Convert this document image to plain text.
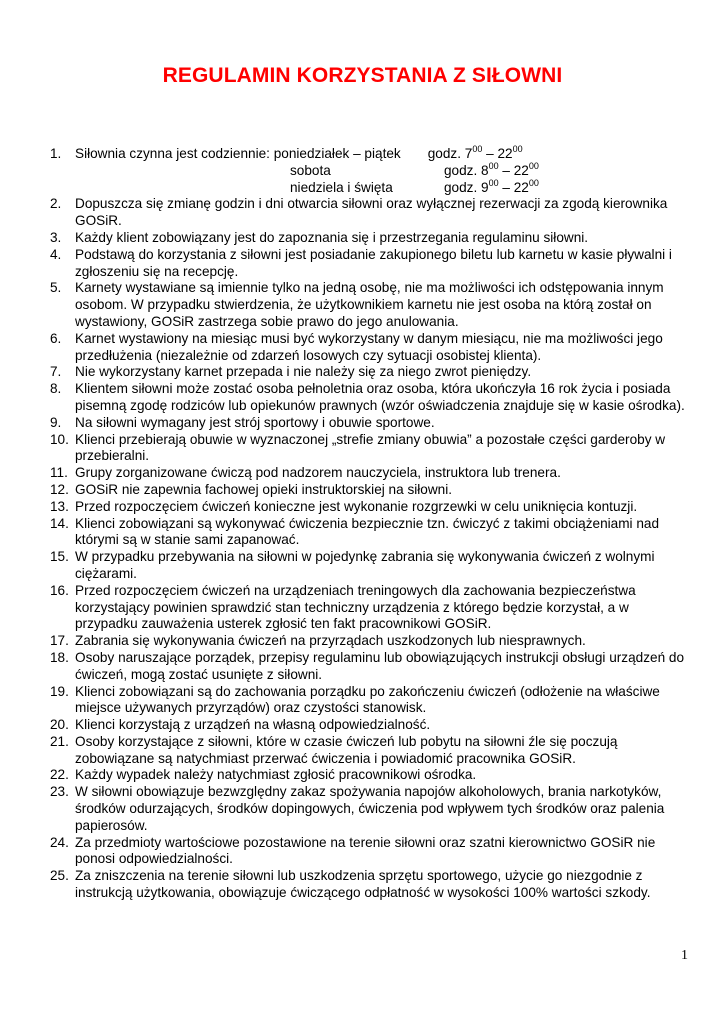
REGULAMIN KORZYSTANIA Z SIŁOWNI
1.	Siłownia czynna jest codziennie: poniedziałek – piątek	godz. $7^{00} - 22^{00}$
sobota	godz. $8^{00} - 22^{00}$
niedziela i święta	godz. $9^{00} - 22^{00}$
2.	Dopuszcza się zmianę godzin i dni otwarcia siłowni oraz wyłącznej rezerwacji za zgodą kierownika GOSiR.
3.	Każdy klient zobowiązany jest do zapoznania się i przestrzegania regulaminu siłowni.
4.	Podstawą do korzystania z siłowni jest posiadanie zakupionego biletu lub karnetu w kasie pływalni i zgłoszeniu się na recepcję.
5.	Karnety wystawiane są imiennie tylko na jedną osobę, nie ma możliwości ich odstępowania innym osobom. W przypadku stwierdzenia, że użytkownikiem karnetu nie jest osoba na którą został on wystawiony, GOSiR zastrzega sobie prawo do jego anulowania.
6.	Karnet wystawiony na miesiąc musi być wykorzystany w danym miesiącu, nie ma możliwości jego przedłużenia (niezależnie od zdarzeń losowych czy sytuacji osobistej klienta).
7.	Nie wykorzystany karnet przepada i nie należy się za niego zwrot pieniędzy.
8.	Klientem siłowni może zostać osoba pełnoletnia oraz osoba, która ukończyła 16 rok życia i posiada pisemną zgodę rodziców lub opiekunów prawnych (wzór oświadczenia znajduje się w kasie ośrodka).
9.	Na siłowni wymagany jest strój sportowy i obuwie sportowe.
10. Klienci przebierają obuwie w wyznaczonej „strefie zmiany obuwia” a pozostałe części garderoby w przebieralni.
11. Grupy zorganizowane ćwiczą pod nadzorem nauczyciela, instruktora lub trenera.
12. GOSiR nie zapewnia fachowej opieki instruktorskiej na siłowni.
13. Przed rozpoczęciem ćwiczeń konieczne jest wykonanie rozgrzewki w celu uniknięcia kontuzji.
14. Klienci zobowiązani są wykonywać ćwiczenia bezpiecznie tzn. ćwiczyć z takimi obciążeniami nad którymi są w stanie sami zapanować.
15. W przypadku przebywania na siłowni w pojedynkę zabrania się wykonywania ćwiczeń z wolnymi ciężarami.
16. Przed rozpoczęciem ćwiczeń na urządzeniach treningowych dla zachowania bezpieczeństwa korzystający powinien sprawdzić stan techniczny urządzenia z którego będzie korzystał, a w przypadku zauważenia usterek zgłosić ten fakt pracownikowi GOSiR.
17. Zabrania się wykonywania ćwiczeń na przyrządach uszkodzonych lub niesprawnych.
18. Osoby naruszające porządek, przepisy regulaminu lub obowiązujących instrukcji obsługi urządzeń do ćwiczeń, mogą zostać usunięte z siłowni.
19. Klienci zobowiązani są do zachowania porządku po zakończeniu ćwiczeń (odłożenie na właściwe miejsce używanych przyrządów) oraz czystości stanowisk.
20. Klienci korzystają z urządzeń na własną odpowiedzialność.
21. Osoby korzystające z siłowni, które w czasie ćwiczeń lub pobytu na siłowni źle się poczują zobowiązane są natychmiast przerwać ćwiczenia i powiadomić pracownika GOSiR.
22. Każdy wypadek należy natychmiast zgłosić pracownikowi ośrodka.
23. W siłowni obowiązuje bezwzględny zakaz spożywania napojów alkoholowych, brania narkotyków, środków odurzających, środków dopingowych, ćwiczenia pod wpływem tych środków oraz palenia papierosów.
24. Za przedmioty wartościowe pozostawione na terenie siłowni oraz szatni kierownictwo GOSiR nie ponosi odpowiedzialności.
25. Za zniszczenia na terenie siłowni lub uszkodzenia sprzętu sportowego, użycie go niezgodnie z instrukcją użytkowania, obowiązuje ćwiczącego odpłatność w wysokości 100% wartości szkody.
1
